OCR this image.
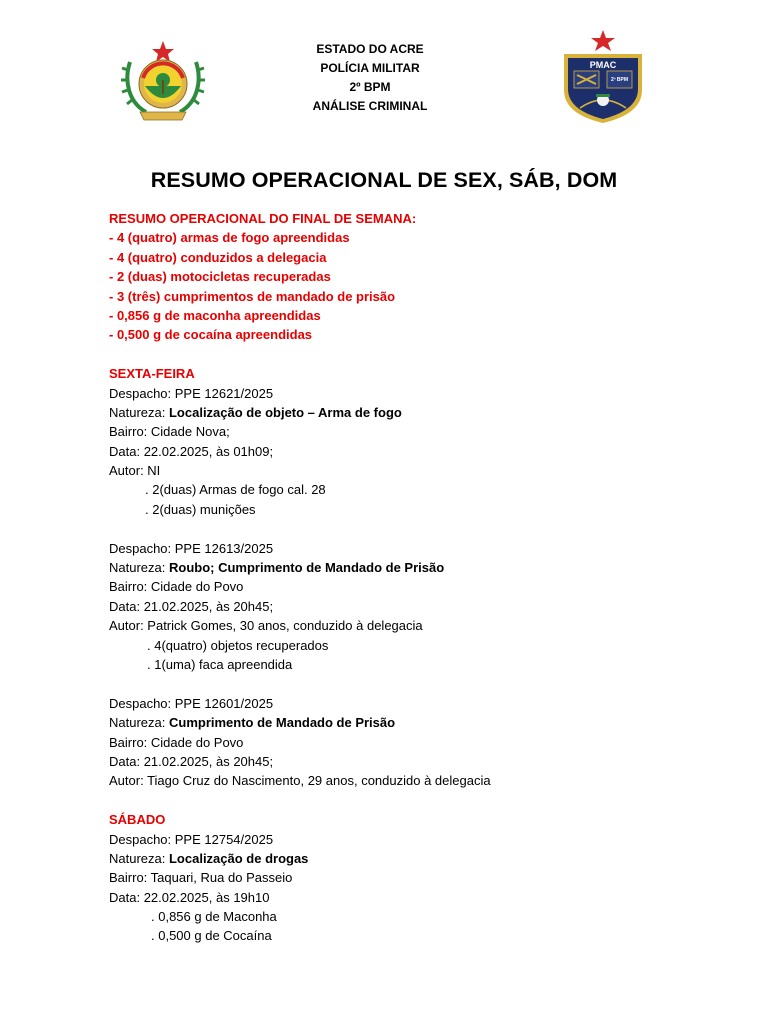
ESTADO DO ACRE
POLÍCIA MILITAR
2º BPM
ANÁLISE CRIMINAL
PMAC
2º BPM
RESUMO OPERACIONAL DE SEX, SÁB, DOM
RESUMO OPERACIONAL DO FINAL DE SEMANA:
- 4 (quatro) armas de fogo apreendidas
- 4 (quatro) conduzidos a delegacia
- 2 (duas) motocicletas recuperadas
- 3 (três) cumprimentos de mandado de prisão
- 0,856 g de maconha apreendidas
- 0,500 g de cocaína apreendidas
SEXTA-FEIRA
Despacho: PPE 12621/2025
Natureza: Localização de objeto – Arma de fogo
Bairro: Cidade Nova;
Data: 22.02.2025, às 01h09;
Autor: NI
. 2(duas) Armas de fogo cal. 28
. 2(duas) munições
Despacho: PPE 12613/2025
Natureza: Roubo; Cumprimento de Mandado de Prisão
Bairro: Cidade do Povo
Data: 21.02.2025, às 20h45;
Autor: Patrick Gomes, 30 anos, conduzido à delegacia
. 4(quatro) objetos recuperados
. 1(uma) faca apreendida
Despacho: PPE 12601/2025
Natureza: Cumprimento de Mandado de Prisão
Bairro: Cidade do Povo
Data: 21.02.2025, às 20h45;
Autor: Tiago Cruz do Nascimento, 29 anos, conduzido à delegacia
SÁBADO
Despacho: PPE 12754/2025
Natureza: Localização de drogas
Bairro: Taquari, Rua do Passeio
Data: 22.02.2025, às 19h10
. 0,856 g de Maconha
. 0,500 g de Cocaína
